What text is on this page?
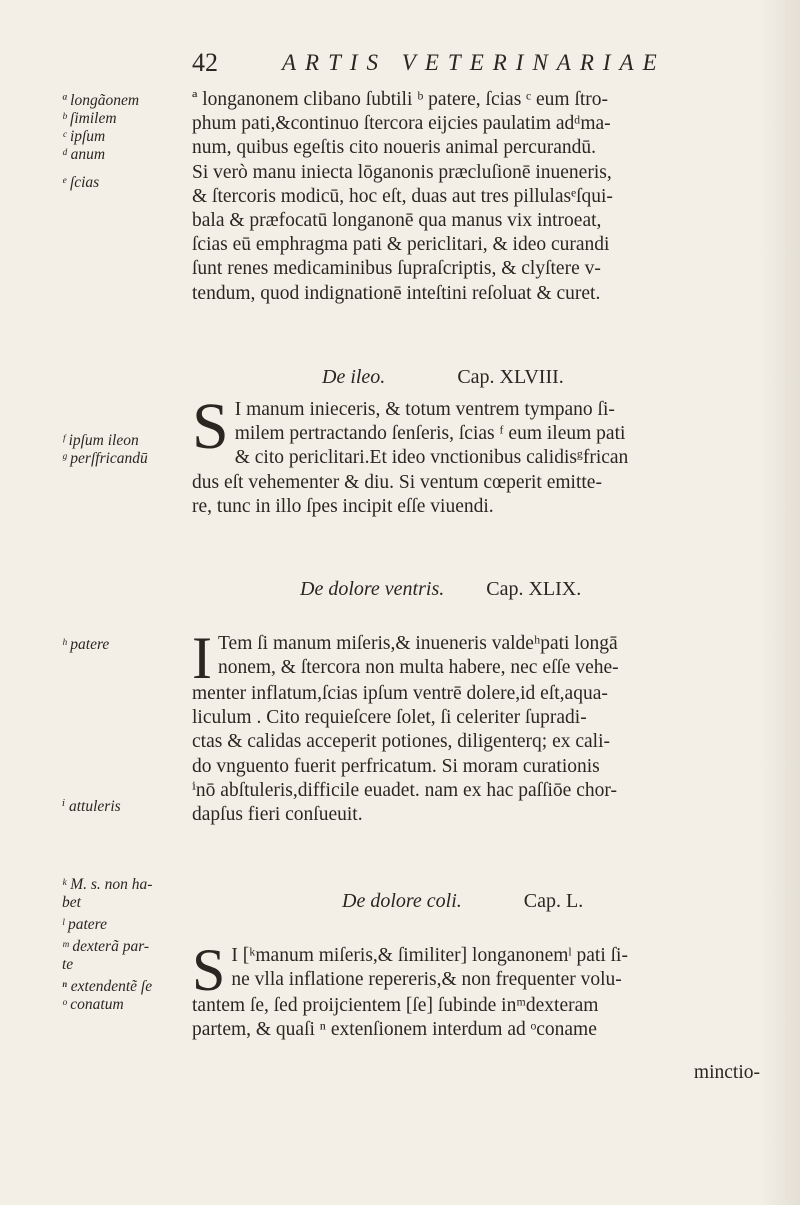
42	ARTIS VETERINARIAE
ª longãonem
ᵇ ſimilem
ᶜ ipſum
ᵈ anum
ᵉ ſcias
ᶠ ipſum ileon
ᵍ perſfricandū
ʰ patere
ⁱ attuleris
ᵏ M. s. non ha-
bet
ˡ patere
ᵐ dexterã par-
te
ⁿ extendentẽ ſe
ᵒ conatum
ª longanonem clibano ſubtili ᵇ patere, ſcias ᶜ eum ſtro-
phum pati,&continuo ſtercora eijcies paulatim adᵈma-
num, quibus egeſtis cito noueris animal percurandū.
Si verò manu iniecta lōganonis præcluſionē inueneris,
& ſtercoris modicū, hoc eſt, duas aut tres pillulasᵉſqui-
bala & præfocatū longanonē qua manus vix introeat,
ſcias eū emphragma pati & periclitari, & ideo curandi
ſunt renes medicaminibus ſupraſcriptis, & clyſtere v-
tendum, quod indignationē inteſtini reſoluat & curet.
De ileo.	Cap. XLVIII.
S I manum inieceris, & totum ventrem tympano ſi-
milem pertractando ſenſeris, ſcias ᶠ eum ileum pati
& cito periclitari.Et ideo vnctionibus calidisᵍfrican
dus eſt vehementer & diu. Si ventum cœperit emitte-
re, tunc in illo ſpes incipit eſſe viuendi.
De dolore ventris. Cap. XLIX.
I Tem ſi manum miſeris,& inueneris valdeʰpati longā
nonem, & ſtercora non multa habere, nec eſſe vehe-
menter inflatum,ſcias ipſum ventrē dolere,id eſt,aqua-
liculum . Cito requieſcere ſolet, ſi celeriter ſupradi-
ctas & calidas acceperit potiones, diligenterq; ex cali-
do vnguento fuerit perfricatum. Si moram curationis
ⁱnō abſtuleris,difficile euadet. nam ex hac paſſiōe chor-
dapſus fieri conſueuit.
De dolore coli.	Cap. L.
S I [ᵏmanum miſeris,& ſimiliter] longanonemˡ pati ſi-
ne vlla inflatione repereris,& non frequenter volu-
tantem ſe, ſed proijcientem [ſe] ſubinde inᵐdexteram
partem, & quaſi ⁿ extenſionem interdum ad ᵒconame
minctio-
